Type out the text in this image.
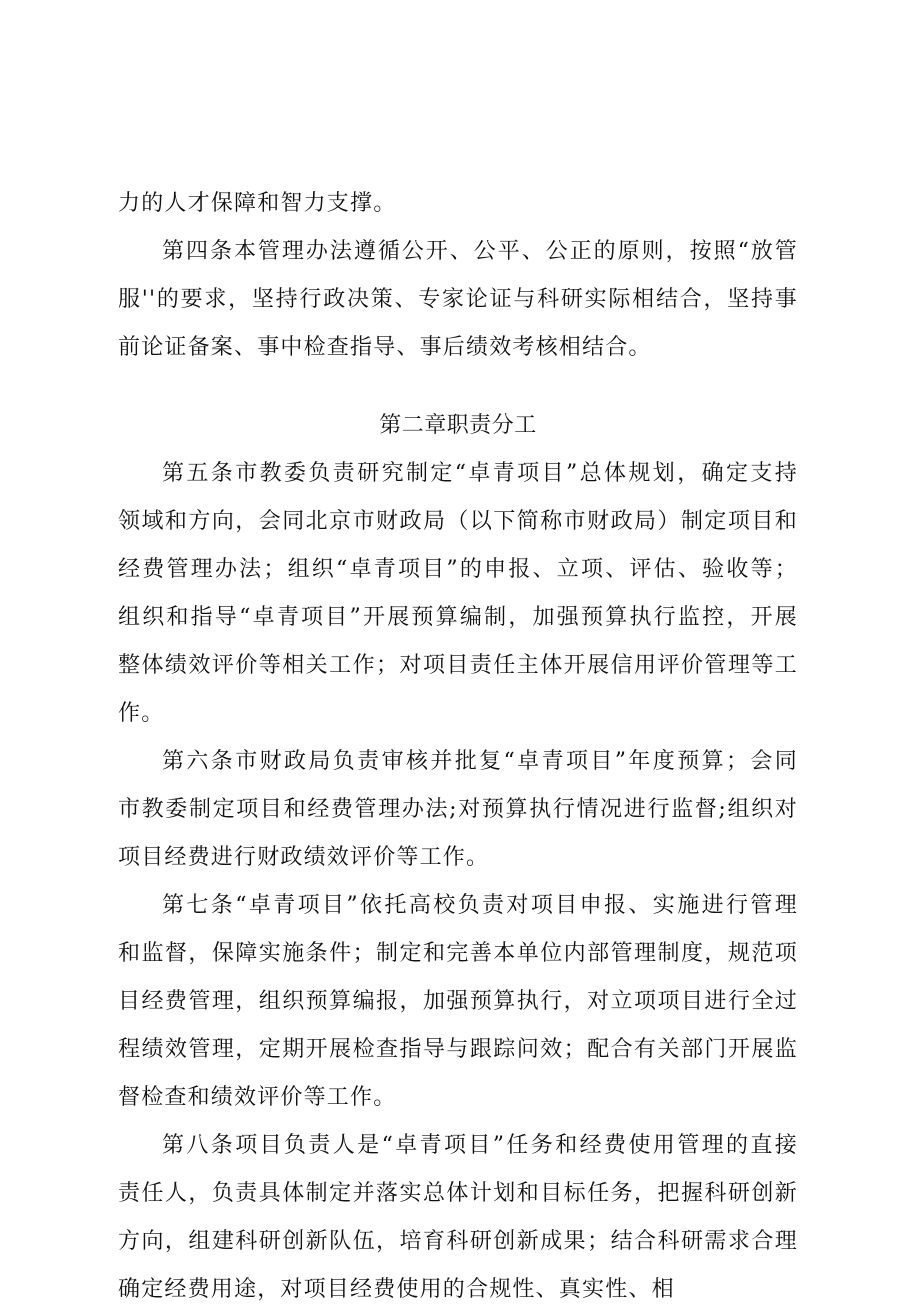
力的人才保障和智力支撑。
第四条本管理办法遵循公开、公平、公正的原则，按照“放管
服''的要求，坚持行政决策、专家论证与科研实际相结合，坚持事
前论证备案、事中检查指导、事后绩效考核相结合。
第二章职责分工
第五条市教委负责研究制定“卓青项目”总体规划，确定支持
领域和方向，会同北京市财政局（以下简称市财政局）制定项目和
经费管理办法；组织“卓青项目”的申报、立项、评估、验收等；
组织和指导“卓青项目”开展预算编制，加强预算执行监控，开展
整体绩效评价等相关工作；对项目责任主体开展信用评价管理等工
作。
第六条市财政局负责审核并批复“卓青项目”年度预算；会同
市教委制定项目和经费管理办法;对预算执行情况进行监督;组织对
项目经费进行财政绩效评价等工作。
第七条“卓青项目”依托高校负责对项目申报、实施进行管理
和监督，保障实施条件；制定和完善本单位内部管理制度，规范项
目经费管理，组织预算编报，加强预算执行，对立项项目进行全过
程绩效管理，定期开展检查指导与跟踪问效；配合有关部门开展监
督检查和绩效评价等工作。
第八条项目负责人是“卓青项目”任务和经费使用管理的直接
责任人，负责具体制定并落实总体计划和目标任务，把握科研创新
方向，组建科研创新队伍，培育科研创新成果；结合科研需求合理
确定经费用途，对项目经费使用的合规性、真实性、相
